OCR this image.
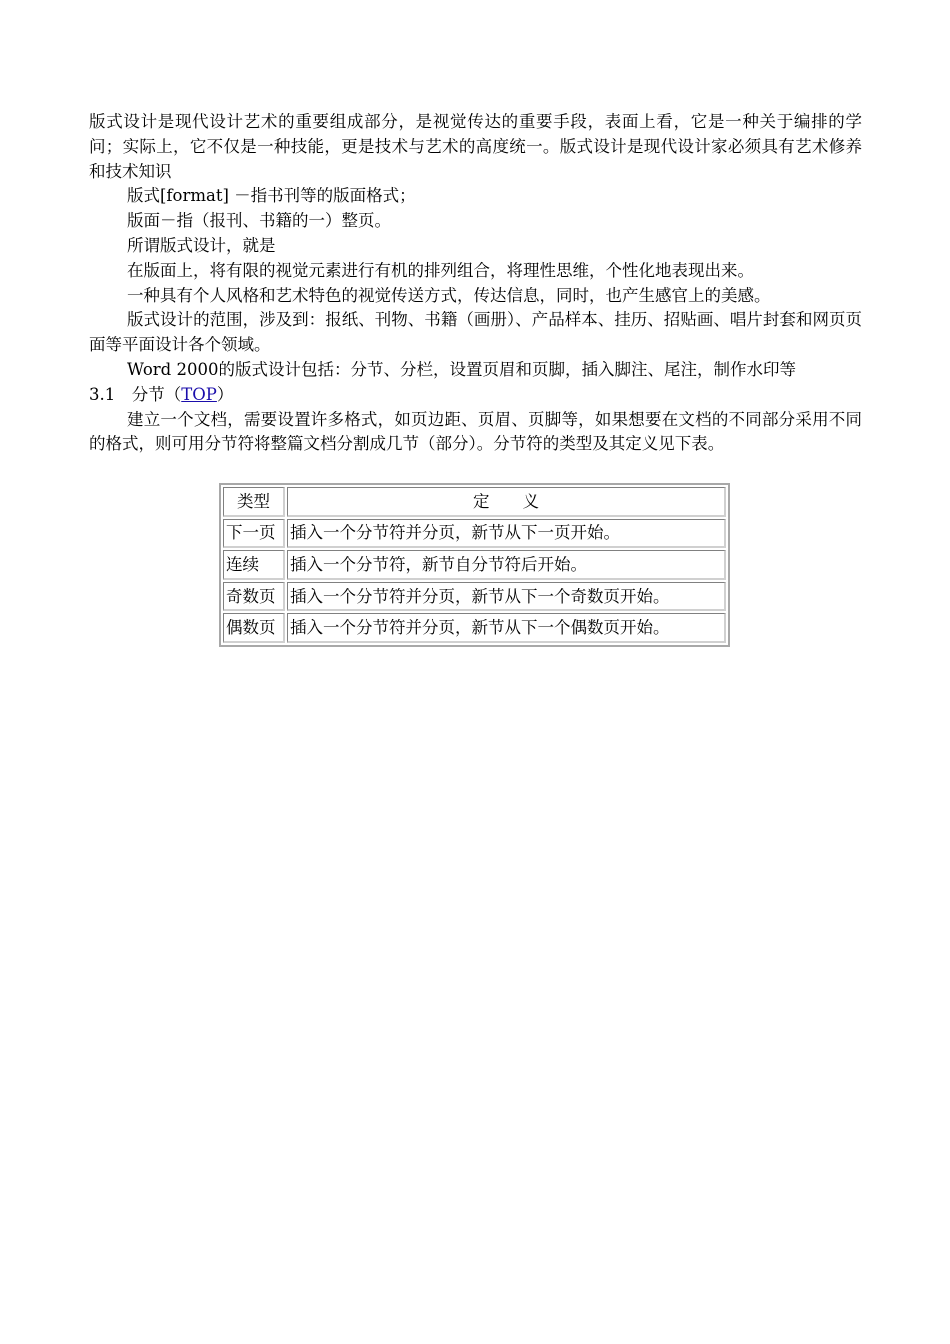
版式设计是现代设计艺术的重要组成部分，是视觉传达的重要手段，表面上看，它是一种关于编排的学问；实际上，它不仅是一种技能，更是技术与艺术的高度统一。版式设计是现代设计家必须具有艺术修养和技术知识

版式[format] －指书刊等的版面格式；

版面－指（报刊、书籍的一）整页。

所谓版式设计，就是

在版面上，将有限的视觉元素进行有机的排列组合，将理性思维，个性化地表现出来。

一种具有个人风格和艺术特色的视觉传送方式，传达信息，同时，也产生感官上的美感。

版式设计的范围，涉及到：报纸、刊物、书籍（画册）、产品样本、挂历、招贴画、唱片封套和网页页面等平面设计各个领域。

Word 2000的版式设计包括：分节、分栏，设置页眉和页脚，插入脚注、尾注，制作水印等

3.1　分节（TOP）

建立一个文档，需要设置许多格式，如页边距、页眉、页脚等，如果想要在文档的不同部分采用不同的格式，则可用分节符将整篇文档分割成几节（部分）。分节符的类型及其定义见下表。

类型	定　　义
下一页	插入一个分节符并分页，新节从下一页开始。
连续	插入一个分节符，新节自分节符后开始。
奇数页	插入一个分节符并分页，新节从下一个奇数页开始。
偶数页	插入一个分节符并分页，新节从下一个偶数页开始。
